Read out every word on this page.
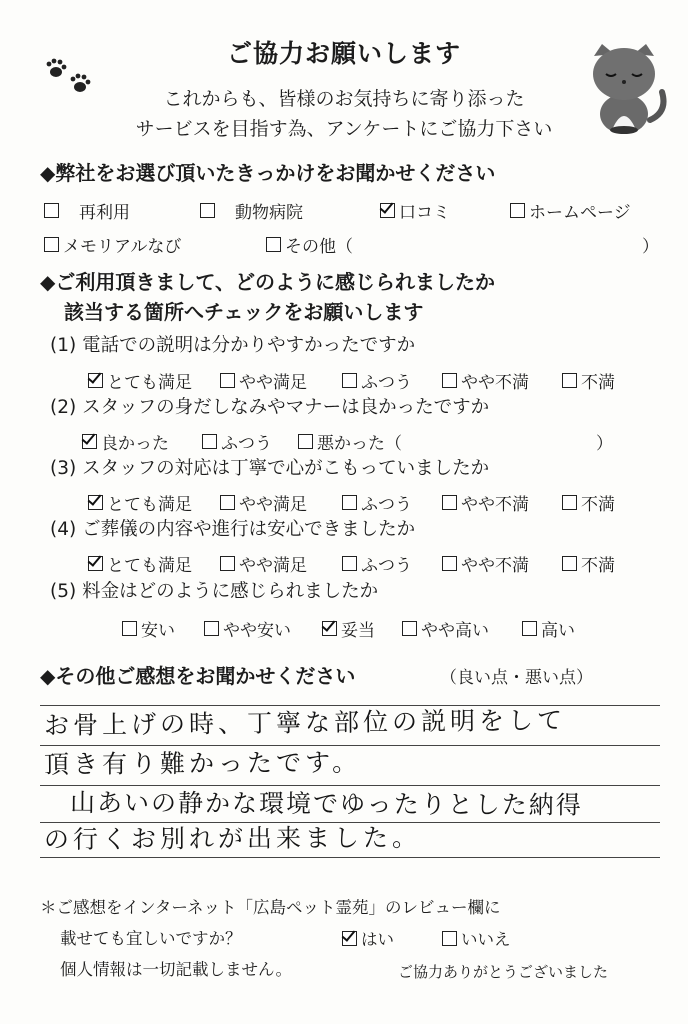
ご協力お願いします
これからも、皆様のお気持ちに寄り添った
サービスを目指す為、アンケートにご協力下さい
◆弊社をお選び頂いたきっかけをお聞かせください
再利用	動物病院	口コミ	ホームページ
メモリアルなび	その他（	）
◆ご利用頂きまして、どのように感じられましたか
該当する箇所へチェックをお願いします
(1) 電話での説明は分かりやすかったですか
とても満足	やや満足	ふつう	やや不満	不満
(2) スタッフの身だしなみやマナーは良かったですか
良かった	ふつう	悪かった（	）
(3) スタッフの対応は丁寧で心がこもっていましたか
とても満足	やや満足	ふつう	やや不満	不満
(4) ご葬儀の内容や進行は安心できましたか
とても満足	やや満足	ふつう	やや不満	不満
(5) 料金はどのように感じられましたか
安い	やや安い	妥当	やや高い	高い
◆その他ご感想をお聞かせください	（良い点・悪い点）
お骨上げの時、丁寧な部位の説明をして
頂き有り難かったです。
山あいの静かな環境でゆったりとした納得
の行くお別れが出来ました。
＊ご感想をインターネット「広島ペット霊苑」のレビュー欄に
載せても宜しいですか？	はい	いいえ
個人情報は一切記載しません。	ご協力ありがとうございました
